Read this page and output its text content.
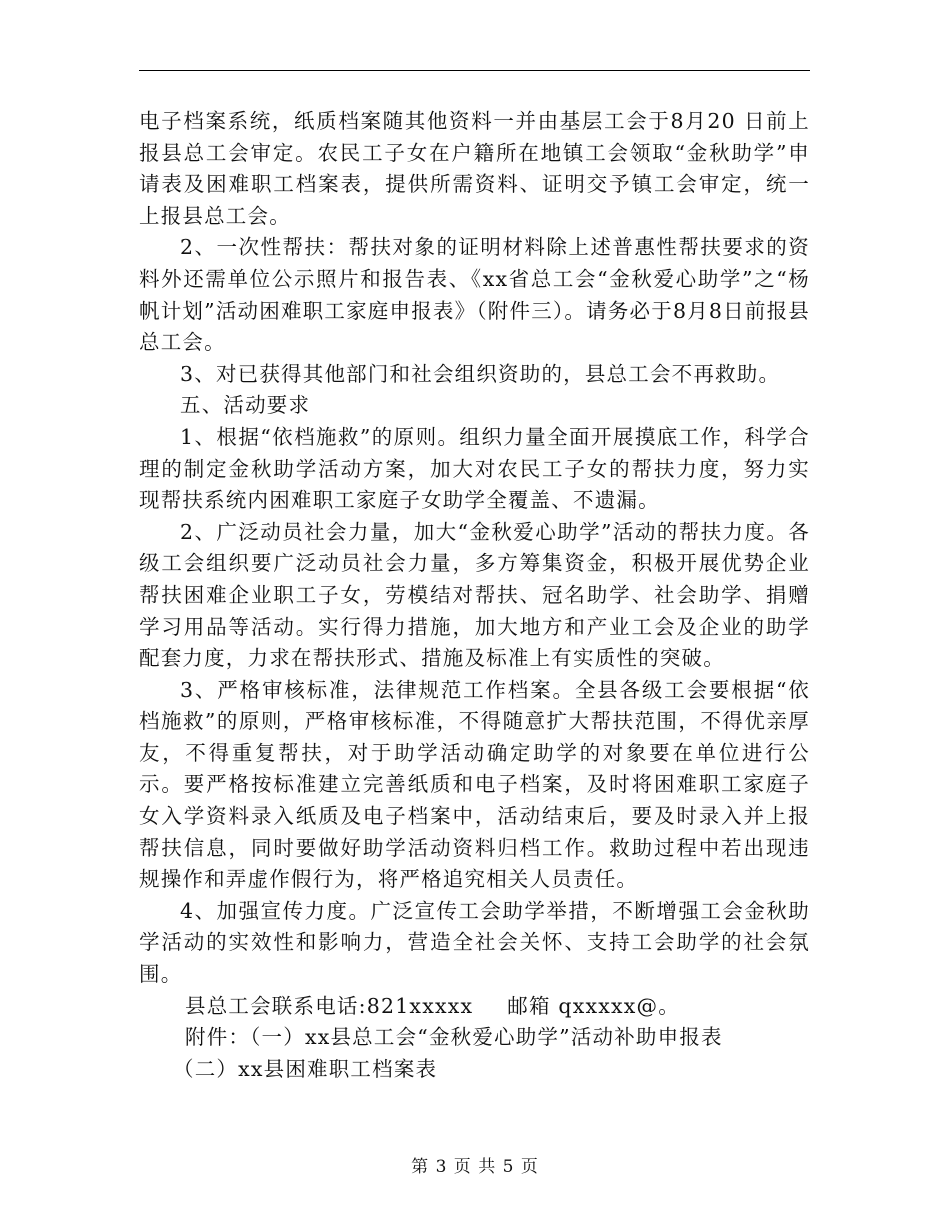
电子档案系统，纸质档案随其他资料一并由基层工会于8月20 日前上报县总工会审定。农民工子女在户籍所在地镇工会领取“金秋助学”申请表及困难职工档案表，提供所需资料、证明交予镇工会审定，统一上报县总工会。

2、一次性帮扶：帮扶对象的证明材料除上述普惠性帮扶要求的资料外还需单位公示照片和报告表、《xx省总工会“金秋爱心助学”之“杨帆计划”活动困难职工家庭申报表》（附件三）。请务必于8月8日前报县总工会。

3、对已获得其他部门和社会组织资助的，县总工会不再救助。

五、活动要求

1、根据“依档施救”的原则。组织力量全面开展摸底工作，科学合理的制定金秋助学活动方案，加大对农民工子女的帮扶力度，努力实现帮扶系统内困难职工家庭子女助学全覆盖、不遗漏。

2、广泛动员社会力量，加大“金秋爱心助学”活动的帮扶力度。各级工会组织要广泛动员社会力量，多方筹集资金，积极开展优势企业帮扶困难企业职工子女，劳模结对帮扶、冠名助学、社会助学、捐赠学习用品等活动。实行得力措施，加大地方和产业工会及企业的助学配套力度，力求在帮扶形式、措施及标准上有实质性的突破。

3、严格审核标准，法律规范工作档案。全县各级工会要根据“依档施救”的原则，严格审核标准，不得随意扩大帮扶范围，不得优亲厚友，不得重复帮扶，对于助学活动确定助学的对象要在单位进行公示。要严格按标准建立完善纸质和电子档案，及时将困难职工家庭子女入学资料录入纸质及电子档案中，活动结束后，要及时录入并上报帮扶信息，同时要做好助学活动资料归档工作。救助过程中若出现违规操作和弄虚作假行为，将严格追究相关人员责任。

4、加强宣传力度。广泛宣传工会助学举措，不断增强工会金秋助学活动的实效性和影响力，营造全社会关怀、支持工会助学的社会氛围。

县总工会联系电话:821xxxxx 邮箱 qxxxxx@。

附件：（一）xx县总工会“金秋爱心助学”活动补助申报表

（二）xx县困难职工档案表

第 3 页 共 5 页
